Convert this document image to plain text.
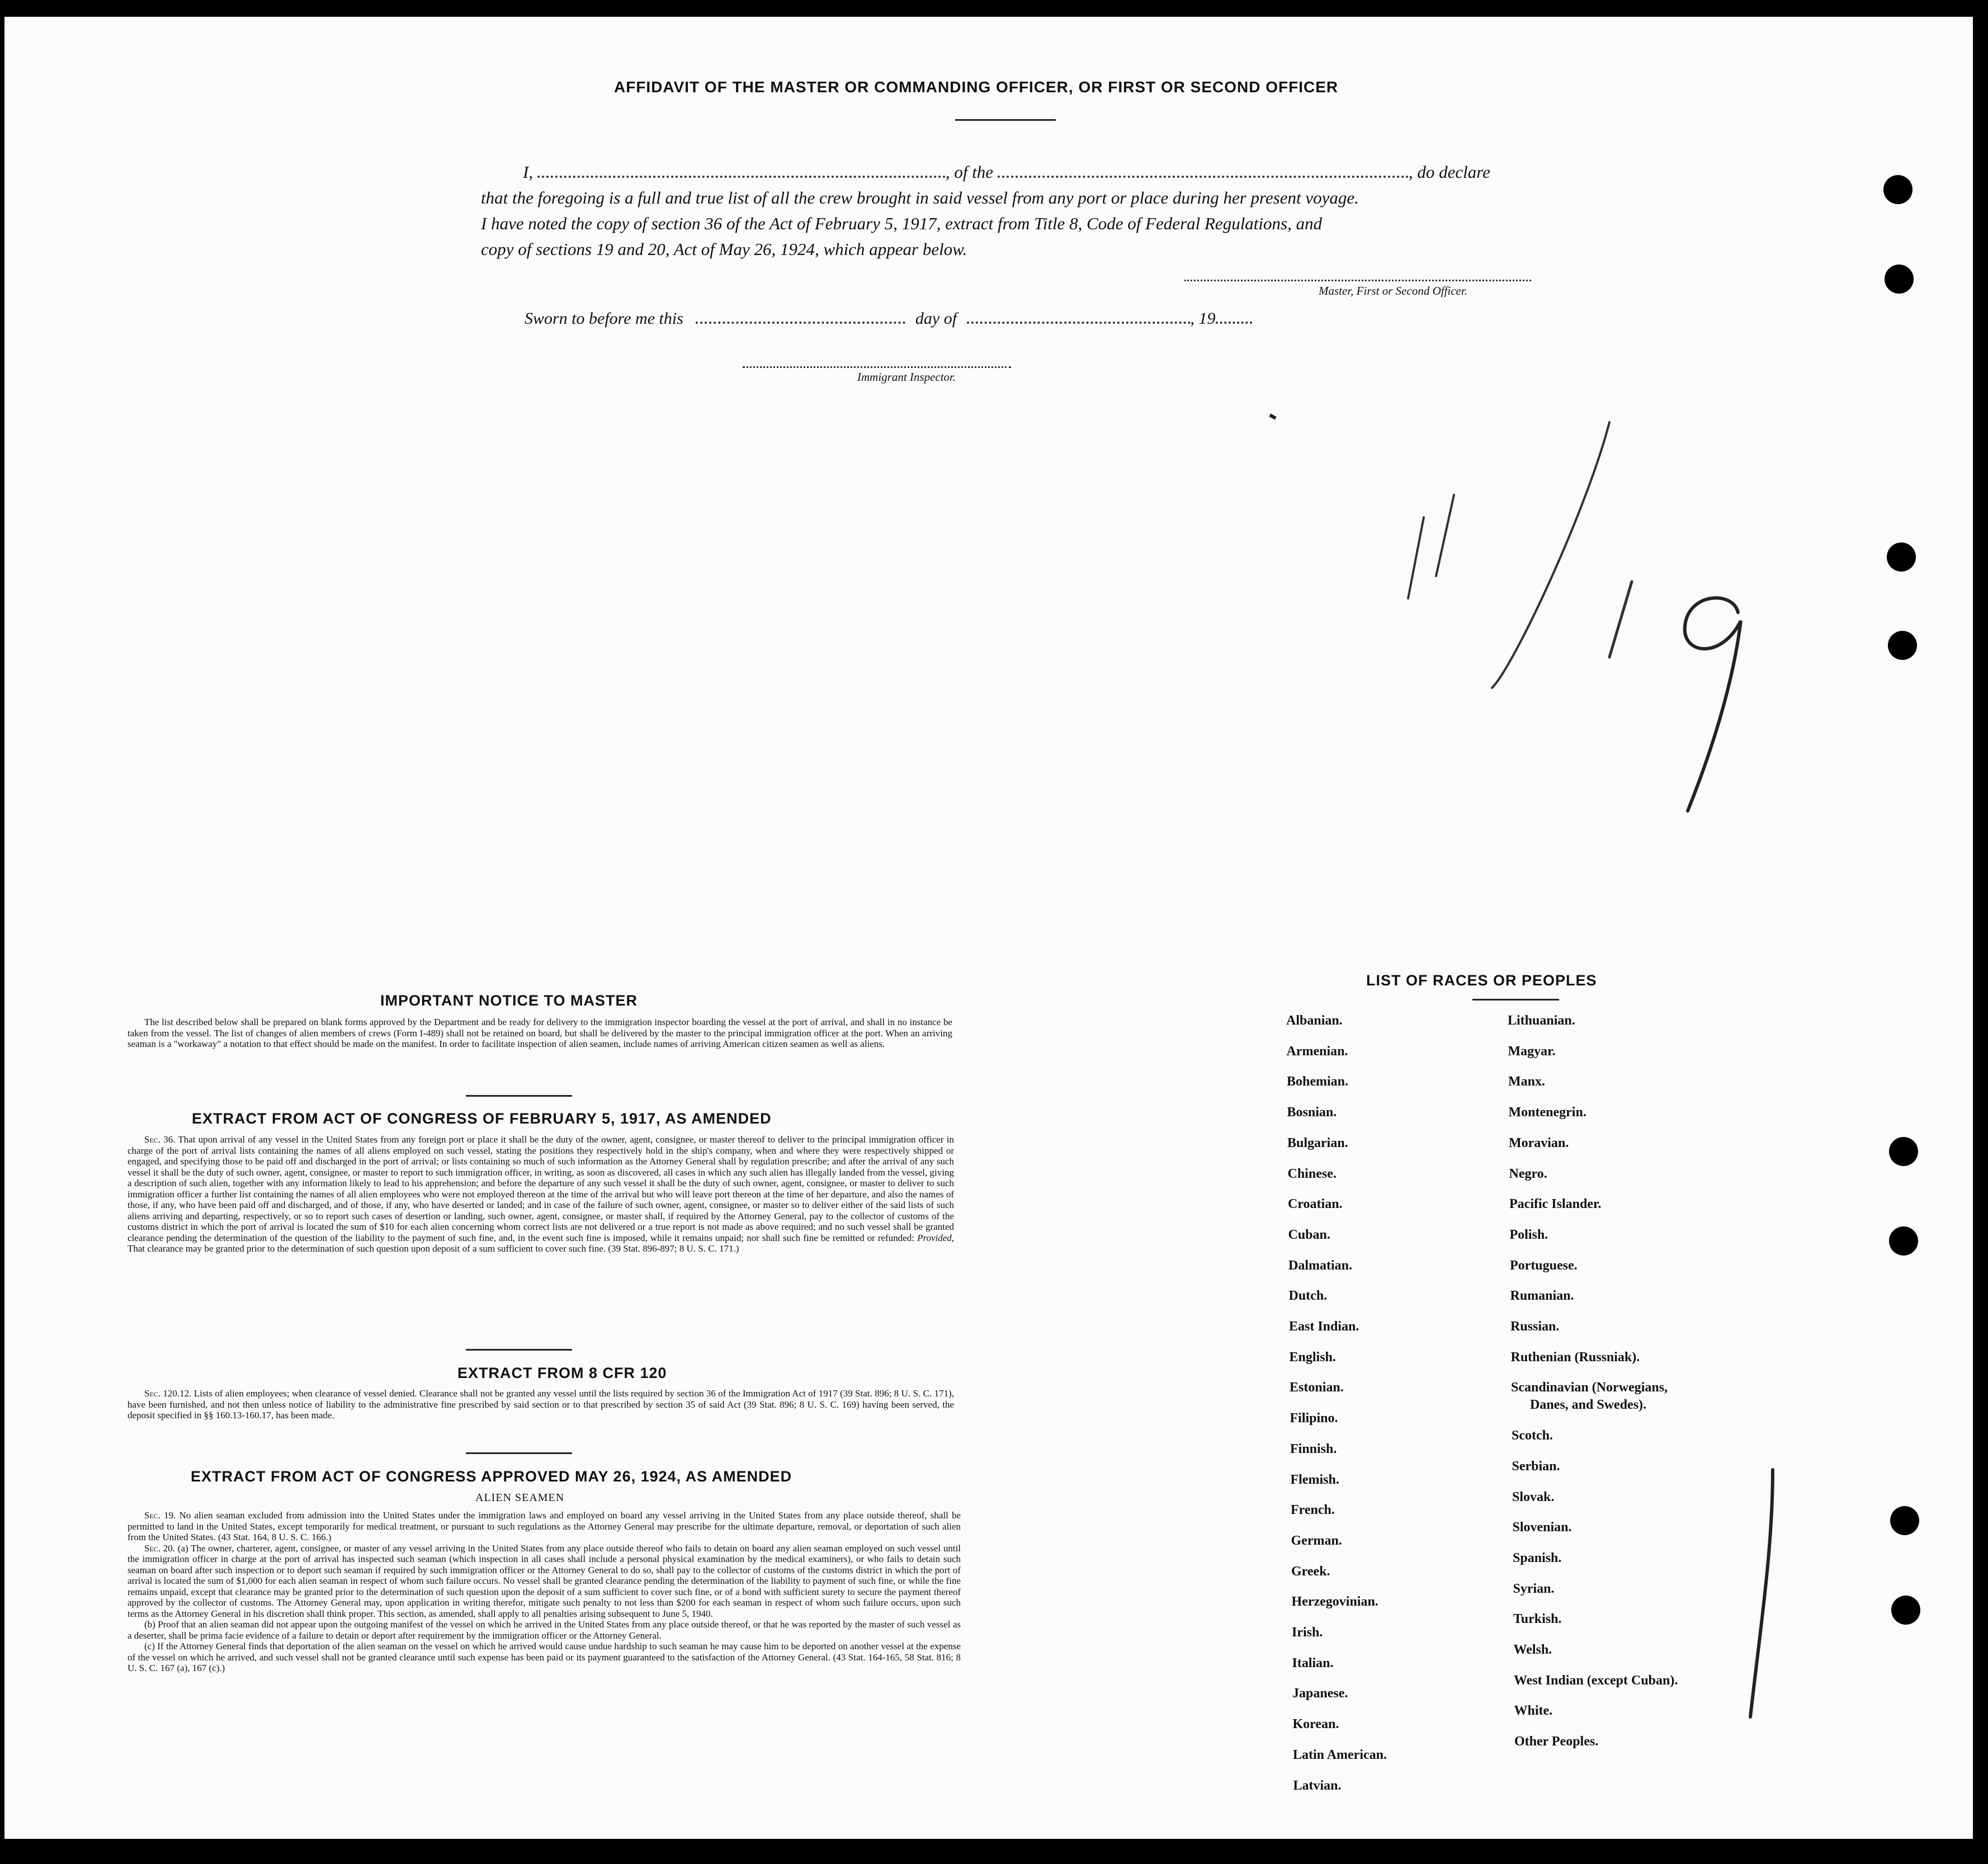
AFFIDAVIT OF THE MASTER OR COMMANDING OFFICER, OR FIRST OR SECOND OFFICER
I,	, of the	, do declare
that the foregoing is a full and true list of all the crew brought in said vessel from any port or place during her present voyage.
I have noted the copy of section 36 of the Act of February 5, 1917, extract from Title 8, Code of Federal Regulations, and
copy of sections 19 and 20, Act of May 26, 1924, which appear below.
Master, First or Second Officer.
Sworn to before me this	day of	, 19
Immigrant Inspector.
IMPORTANT NOTICE TO MASTER

The list described below shall be prepared on blank forms approved by the Department and be ready for delivery to the immigration inspector boarding the vessel at the port of arrival, and shall in no instance be taken from the vessel. The list of changes of alien members of crews (Form I-489) shall not be retained on board, but shall be delivered by the master to the principal immigration officer at the port. When an arriving seaman is a "workaway" a notation to that effect should be made on the manifest. In order to facilitate inspection of alien seamen, include names of arriving American citizen seamen as well as aliens.

EXTRACT FROM ACT OF CONGRESS OF FEBRUARY 5, 1917, AS AMENDED

Sec. 36. That upon arrival of any vessel in the United States from any foreign port or place it shall be the duty of the owner, agent, consignee, or master thereof to deliver to the principal immigration officer in charge of the port of arrival lists containing the names of all aliens employed on such vessel, stating the positions they respectively hold in the ship's company, when and where they were respectively shipped or engaged, and specifying those to be paid off and discharged in the port of arrival; or lists containing so much of such information as the Attorney General shall by regulation prescribe; and after the arrival of any such vessel it shall be the duty of such owner, agent, consignee, or master to report to such immigration officer, in writing, as soon as discovered, all cases in which any such alien has illegally landed from the vessel, giving a description of such alien, together with any information likely to lead to his apprehension; and before the departure of any such vessel it shall be the duty of such owner, agent, consignee, or master to deliver to such immigration officer a further list containing the names of all alien employees who were not employed thereon at the time of the arrival but who will leave port thereon at the time of her departure, and also the names of those, if any, who have been paid off and discharged, and of those, if any, who have deserted or landed; and in case of the failure of such owner, agent, consignee, or master so to deliver either of the said lists of such aliens arriving and departing, respectively, or so to report such cases of desertion or landing, such owner, agent, consignee, or master shall, if required by the Attorney General, pay to the collector of customs of the customs district in which the port of arrival is located the sum of $10 for each alien concerning whom correct lists are not delivered or a true report is not made as above required; and no such vessel shall be granted clearance pending the determination of the question of the liability to the payment of such fine, and, in the event such fine is imposed, while it remains unpaid; nor shall such fine be remitted or refunded: Provided, That clearance may be granted prior to the determination of such question upon deposit of a sum sufficient to cover such fine. (39 Stat. 896-897; 8 U. S. C. 171.)

EXTRACT FROM 8 CFR 120

Sec. 120.12. Lists of alien employees; when clearance of vessel denied. Clearance shall not be granted any vessel until the lists required by section 36 of the Immigration Act of 1917 (39 Stat. 896; 8 U. S. C. 171), have been furnished, and not then unless notice of liability to the administrative fine prescribed by said section or to that prescribed by section 35 of said Act (39 Stat. 896; 8 U. S. C. 169) having been served, the deposit specified in §§ 160.13-160.17, has been made.

EXTRACT FROM ACT OF CONGRESS APPROVED MAY 26, 1924, AS AMENDED
ALIEN SEAMEN

Sec. 19. No alien seaman excluded from admission into the United States under the immigration laws and employed on board any vessel arriving in the United States from any place outside thereof, shall be permitted to land in the United States, except temporarily for medical treatment, or pursuant to such regulations as the Attorney General may prescribe for the ultimate departure, removal, or deportation of such alien from the United States. (43 Stat. 164, 8 U. S. C. 166.)

Sec. 20. (a) The owner, charterer, agent, consignee, or master of any vessel arriving in the United States from any place outside thereof who fails to detain on board any alien seaman employed on such vessel until the immigration officer in charge at the port of arrival has inspected such seaman (which inspection in all cases shall include a personal physical examination by the medical examiners), or who fails to detain such seaman on board after such inspection or to deport such seaman if required by such immigration officer or the Attorney General to do so, shall pay to the collector of customs of the customs district in which the port of arrival is located the sum of $1,000 for each alien seaman in respect of whom such failure occurs. No vessel shall be granted clearance pending the determination of the liability to payment of such fine, or while the fine remains unpaid, except that clearance may be granted prior to the determination of such question upon the deposit of a sum sufficient to cover such fine, or of a bond with sufficient surety to secure the payment thereof approved by the collector of customs. The Attorney General may, upon application in writing therefor, mitigate such penalty to not less than $200 for each seaman in respect of whom such failure occurs, upon such terms as the Attorney General in his discretion shall think proper. This section, as amended, shall apply to all penalties arising subsequent to June 5, 1940.

(b) Proof that an alien seaman did not appear upon the outgoing manifest of the vessel on which he arrived in the United States from any place outside thereof, or that he was reported by the master of such vessel as a deserter, shall be prima facie evidence of a failure to detain or deport after requirement by the immigration officer or the Attorney General.

(c) If the Attorney General finds that deportation of the alien seaman on the vessel on which he arrived would cause undue hardship to such seaman he may cause him to be deported on another vessel at the expense of the vessel on which he arrived, and such vessel shall not be granted clearance until such expense has been paid or its payment guaranteed to the satisfaction of the Attorney General. (43 Stat. 164-165, 58 Stat. 816; 8 U. S. C. 167 (a), 167 (c).)

LIST OF RACES OR PEOPLES
Albanian.
Armenian.
Bohemian.
Bosnian.
Bulgarian.
Chinese.
Croatian.
Cuban.
Dalmatian.
Dutch.
East Indian.
English.
Estonian.
Filipino.
Finnish.
Flemish.
French.
German.
Greek.
Herzegovinian.
Irish.
Italian.
Japanese.
Korean.
Latin American.
Latvian.
Lithuanian.
Magyar.
Manx.
Montenegrin.
Moravian.
Negro.
Pacific Islander.
Polish.
Portuguese.
Rumanian.
Russian.
Ruthenian (Russniak).
Scandinavian (Norwegians,
Danes, and Swedes).
Scotch.
Serbian.
Slovak.
Slovenian.
Spanish.
Syrian.
Turkish.
Welsh.
West Indian (except Cuban).
White.
Other Peoples.
